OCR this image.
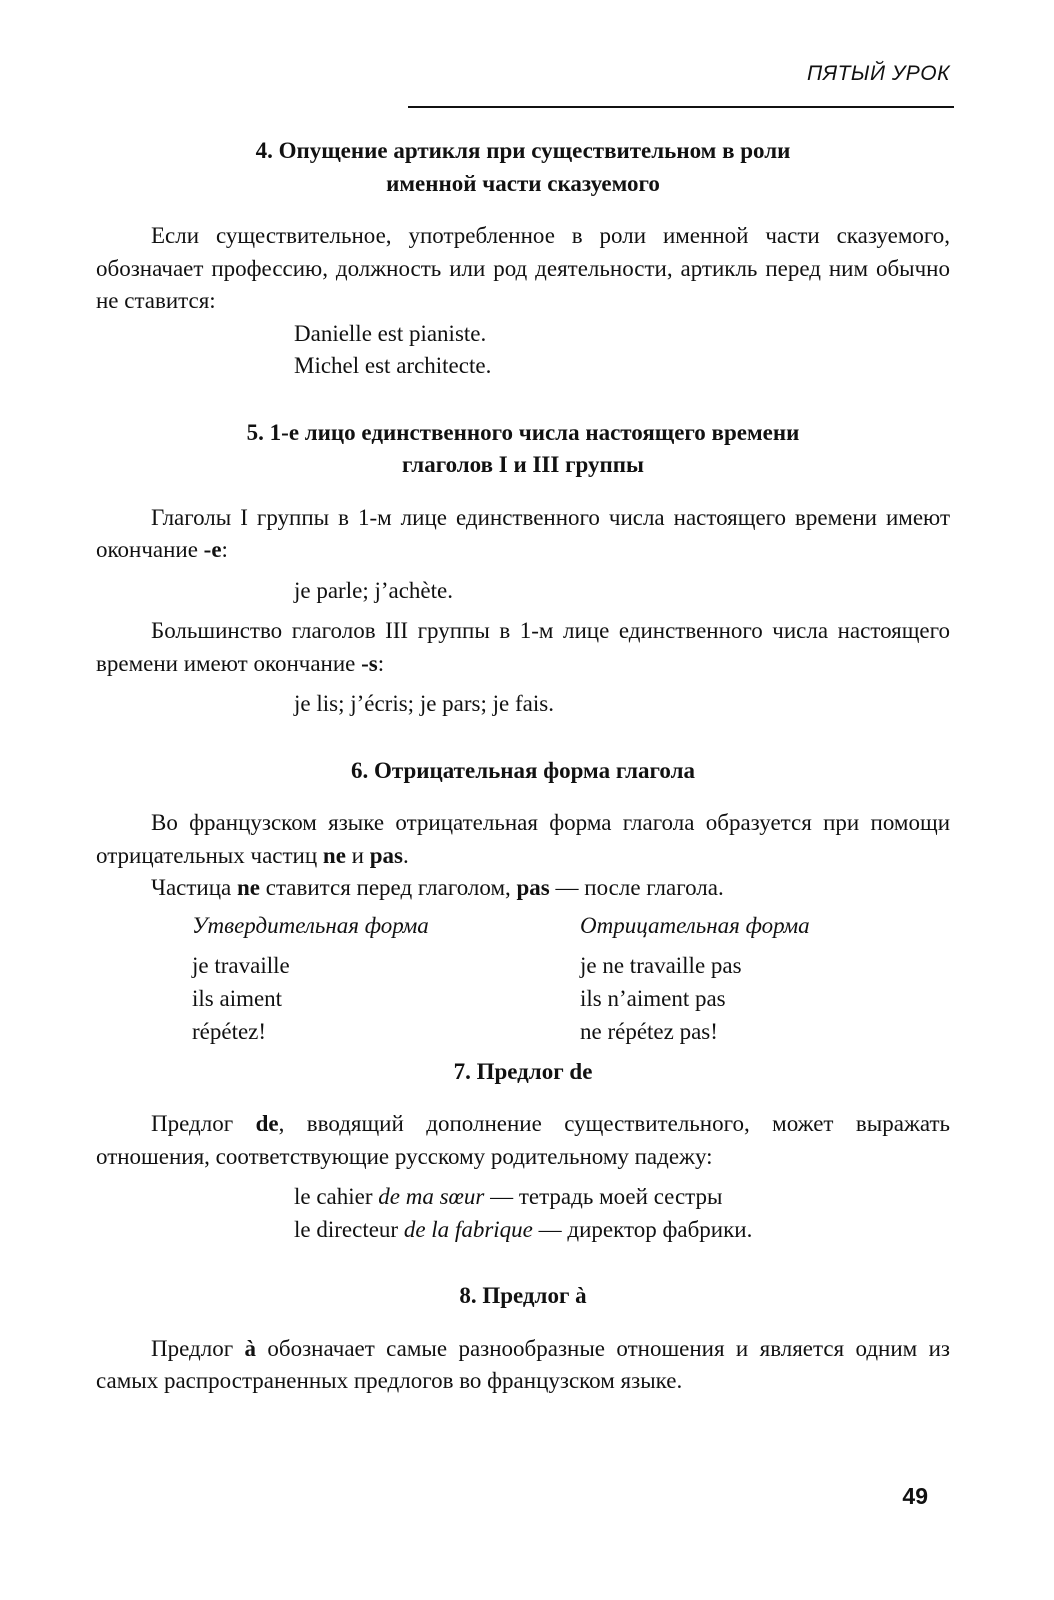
ПЯТЫЙ УРОК
4. Опущение артикля при существительном в роли
именной части сказуемого

Если существительное, употребленное в роли именной части сказуемого, обозначает профессию, должность или род деятельности, артикль перед ним обычно не ставится:

Danielle est pianiste.
Michel est architecte.
5. 1-е лицо единственного числа настоящего времени
глаголов I и III группы

Глаголы I группы в 1-м лице единственного числа настоящего времени имеют окончание -e:

je parle; j’achète.

Большинство глаголов III группы в 1-м лице единственного числа настоящего времени имеют окончание -s:

je lis; j’écris; je pars; je fais.
6. Отрицательная форма глагола

Во французском языке отрицательная форма глагола образуется при помощи отрицательных частиц ne и pas.

Частица ne ставится перед глаголом, pas — после глагола.

Утвердительная форма	Отрицательная форма
je travaille	je ne travaille pas
ils aiment	ils n’aiment pas
répétez!	ne répétez pas!
7. Предлог de

Предлог de, вводящий дополнение существительного, может выражать отношения, соответствующие русскому родительному падежу:

le cahier de ma sœur — тетрадь моей сестры
le directeur de la fabrique — директор фабрики.
8. Предлог à

Предлог à обозначает самые разнообразные отношения и является одним из самых распространенных предлогов во французском языке.

49
